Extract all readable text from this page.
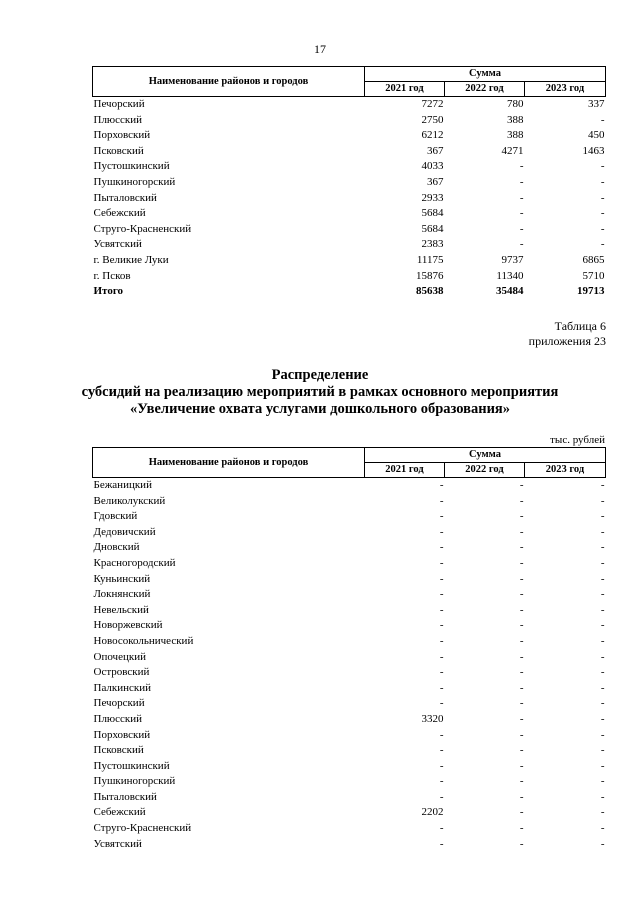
17
Наименование районов и городов	Сумма		
	2021 год	2022 год	2023 год
Печорский	7272	780	337
Плюсский	2750	388	-
Порховский	6212	388	450
Псковский	367	4271	1463
Пустошкинский	4033	-	-
Пушкиногорский	367	-	-
Пыталовский	2933	-	-
Себежский	5684	-	-
Струго-Красненский	5684	-	-
Усвятский	2383	-	-
г. Великие Луки	11175	9737	6865
г. Псков	15876	11340	5710
Итого	85638	35484	19713
Таблица 6
приложения 23
Распределение
субсидий на реализацию мероприятий в рамках основного мероприятия
«Увеличение охвата услугами дошкольного образования»
тыс. рублей
Наименование районов и городов	Сумма		
	2021 год	2022 год	2023 год
Бежаницкий	-	-	-
Великолукский	-	-	-
Гдовский	-	-	-
Дедовичский	-	-	-
Дновский	-	-	-
Красногородский	-	-	-
Куньинский	-	-	-
Локнянский	-	-	-
Невельский	-	-	-
Новоржевский	-	-	-
Новосокольнический	-	-	-
Опочецкий	-	-	-
Островский	-	-	-
Палкинский	-	-	-
Печорский	-	-	-
Плюсский	3320	-	-
Порховский	-	-	-
Псковский	-	-	-
Пустошкинский	-	-	-
Пушкиногорский	-	-	-
Пыталовский	-	-	-
Себежский	2202	-	-
Струго-Красненский	-	-	-
Усвятский	-	-	-
